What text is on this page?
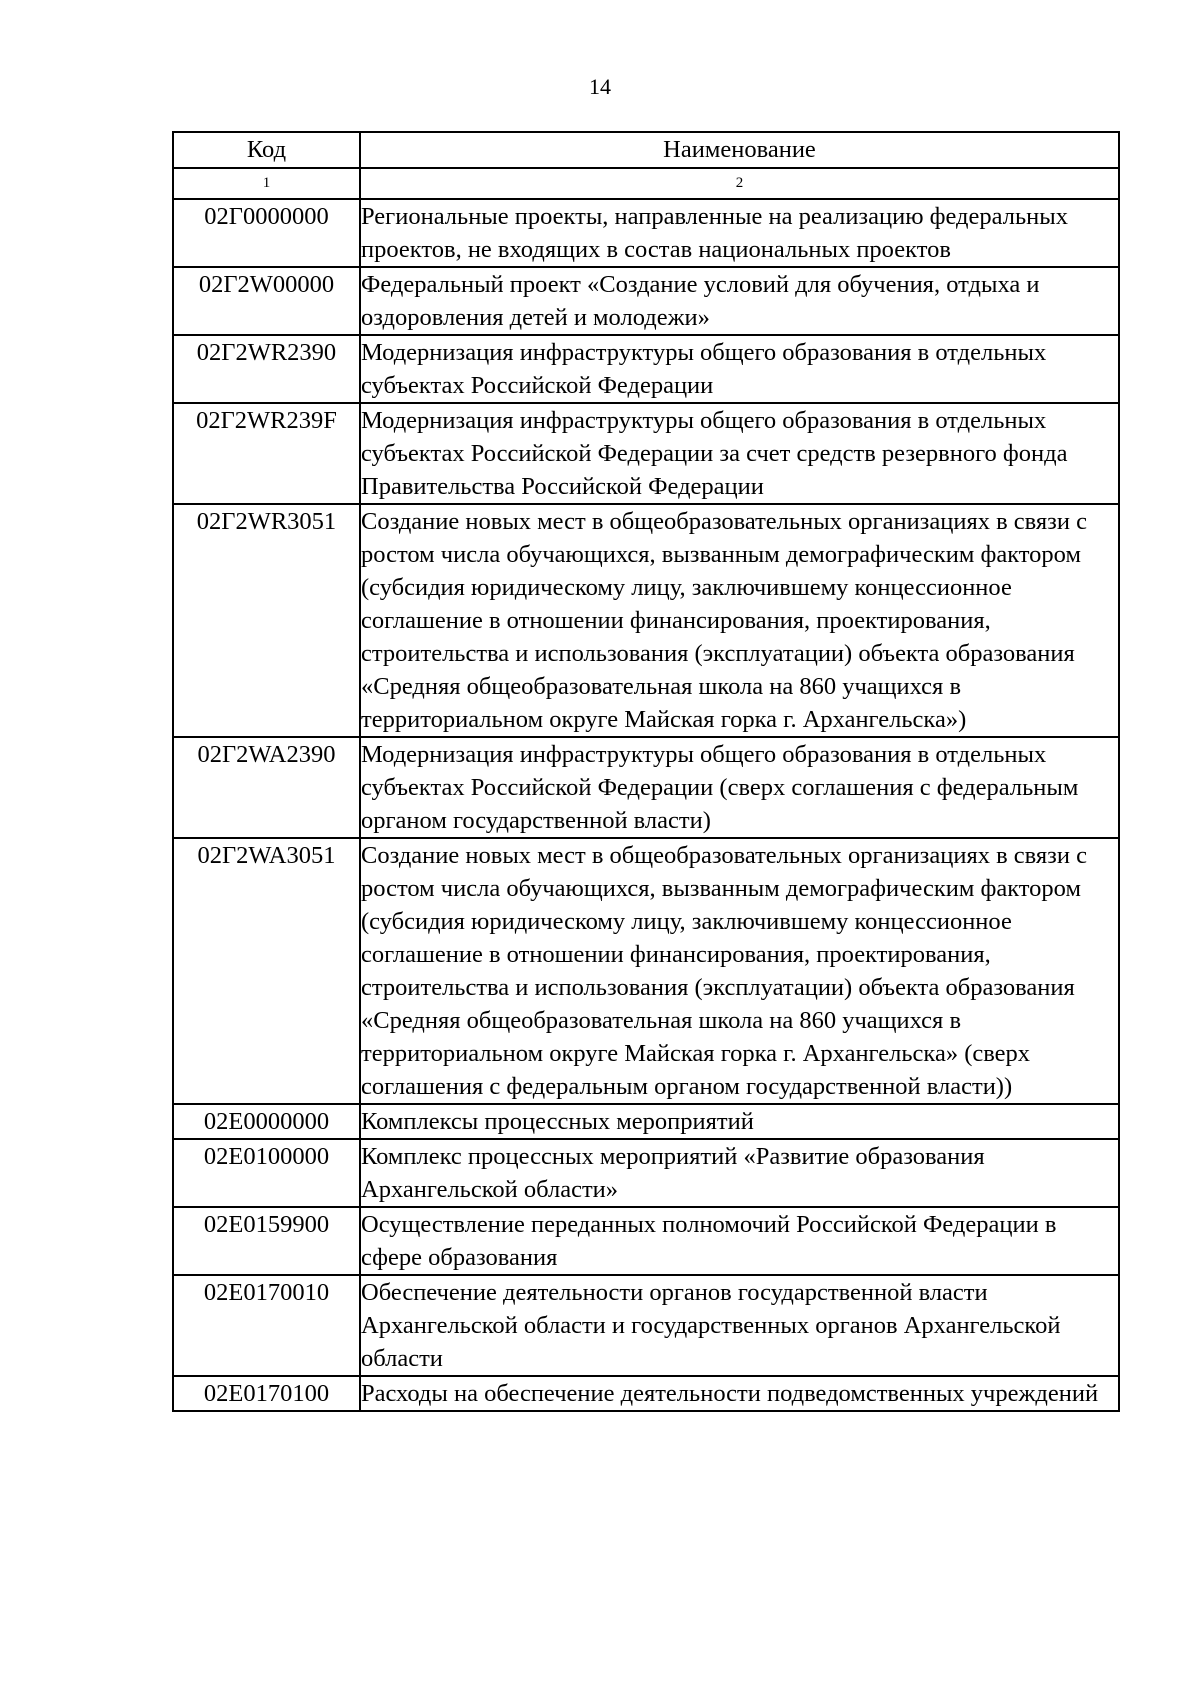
14
Код	Наименование
1	2
02Г0000000	Региональные проекты, направленные на реализацию федеральных проектов, не входящих в состав национальных проектов
02Г2W00000	Федеральный проект «Создание условий для обучения, отдыха и оздоровления детей и молодежи»
02Г2WR2390	Модернизация инфраструктуры общего образования в отдельных субъектах Российской Федерации
02Г2WR239F	Модернизация инфраструктуры общего образования в отдельных субъектах Российской Федерации за счет средств резервного фонда Правительства Российской Федерации
02Г2WR3051	Создание новых мест в общеобразовательных организациях в связи с ростом числа обучающихся, вызванным демографическим фактором (субсидия юридическому лицу, заключившему концессионное соглашение в отношении финансирования, проектирования, строительства и использования (эксплуатации) объекта образования «Средняя общеобразовательная школа на 860 учащихся в территориальном округе Майская горка г. Архангельска»)
02Г2WA2390	Модернизация инфраструктуры общего образования в отдельных субъектах Российской Федерации (сверх соглашения с федеральным органом государственной власти)
02Г2WA3051	Создание новых мест в общеобразовательных организациях в связи с ростом числа обучающихся, вызванным демографическим фактором (субсидия юридическому лицу, заключившему концессионное соглашение в отношении финансирования, проектирования, строительства и использования (эксплуатации) объекта образования «Средняя общеобразовательная школа на 860 учащихся в территориальном округе Майская горка г. Архангельска» (сверх соглашения с федеральным органом государственной власти))
02Е0000000	Комплексы процессных мероприятий
02Е0100000	Комплекс процессных мероприятий «Развитие образования Архангельской области»
02Е0159900	Осуществление переданных полномочий Российской Федерации в сфере образования
02Е0170010	Обеспечение деятельности органов государственной власти Архангельской области и государственных органов Архангельской области
02Е0170100	Расходы на обеспечение деятельности подведомственных учреждений
